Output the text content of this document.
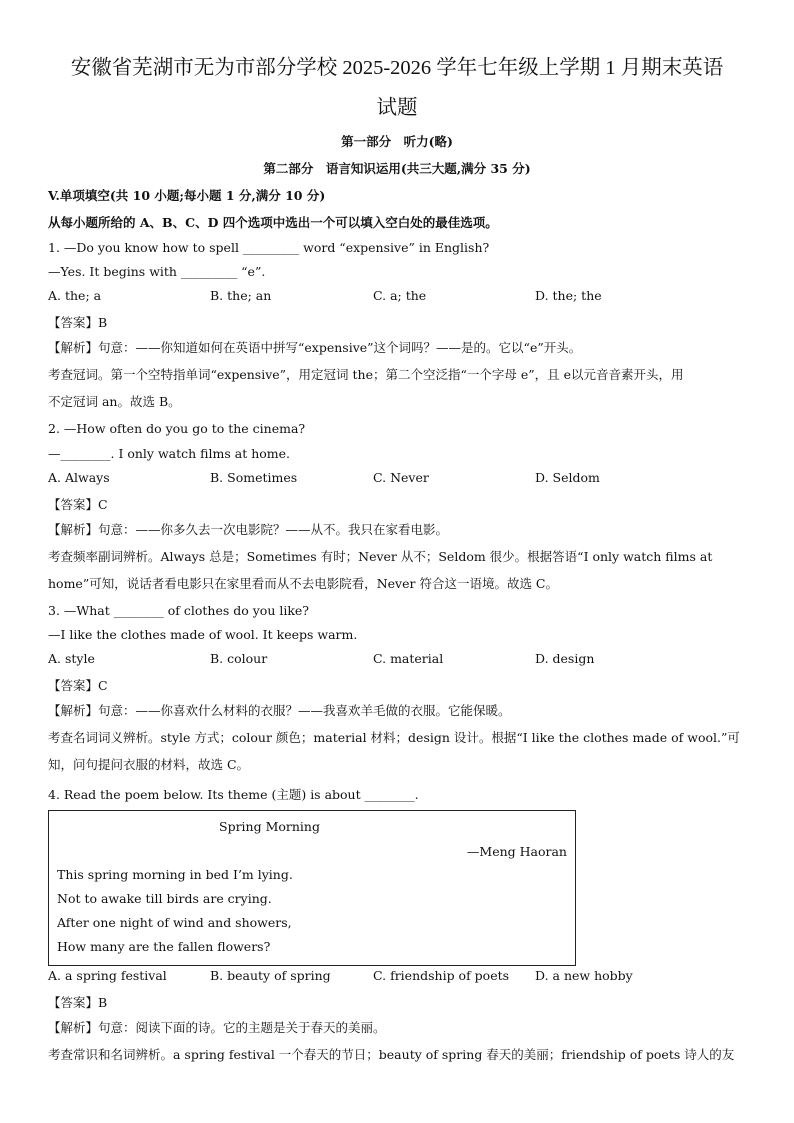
安徽省芜湖市无为市部分学校 2025-2026 学年七年级上学期 1 月期末英语
试题
第一部分　听力(略)
第二部分　语言知识运用(共三大题,满分 35 分)
V.单项填空(共 10 小题;每小题 1 分,满分 10 分)
从每小题所给的 A、B、C、D 四个选项中选出一个可以填入空白处的最佳选项。
1. —Do you know how to spell _________ word “expensive” in English?
—Yes. It begins with _________ “e”.
A. the; a	B. the; an	C. a; the	D. the; the
【答案】B
【解析】句意：——你知道如何在英语中拼写“expensive”这个词吗？——是的。它以“e”开头。
考查冠词。第一个空特指单词“expensive”，用定冠词 the；第二个空泛指“一个字母 e”，且 e以元音音素开头，用
不定冠词 an。故选 B。
2. —How often do you go to the cinema?
—________. I only watch films at home.
A. Always	B. Sometimes	C. Never	D. Seldom
【答案】C
【解析】句意：——你多久去一次电影院？——从不。我只在家看电影。
考查频率副词辨析。Always 总是；Sometimes 有时；Never 从不；Seldom 很少。根据答语“I only watch films at
home”可知，说话者看电影只在家里看而从不去电影院看，Never 符合这一语境。故选 C。
3. —What ________ of clothes do you like?
—I like the clothes made of wool. It keeps warm.
A. style	B. colour	C. material	D. design
【答案】C
【解析】句意：——你喜欢什么材料的衣服？——我喜欢羊毛做的衣服。它能保暖。
考查名词词义辨析。style 方式；colour 颜色；material 材料；design 设计。根据“I like the clothes made of wool.”可
知，问句提问衣服的材料，故选 C。
4. Read the poem below. Its theme (主题) is about ________.
Spring Morning
—Meng Haoran
This spring morning in bed I’m lying.
Not to awake till birds are crying.
After one night of wind and showers,
How many are the fallen flowers?
A. a spring festival	B. beauty of spring	C. friendship of poets D. a new hobby
【答案】B
【解析】句意：阅读下面的诗。它的主题是关于春天的美丽。
考查常识和名词辨析。a spring festival 一个春天的节日；beauty of spring 春天的美丽；friendship of poets 诗人的友
